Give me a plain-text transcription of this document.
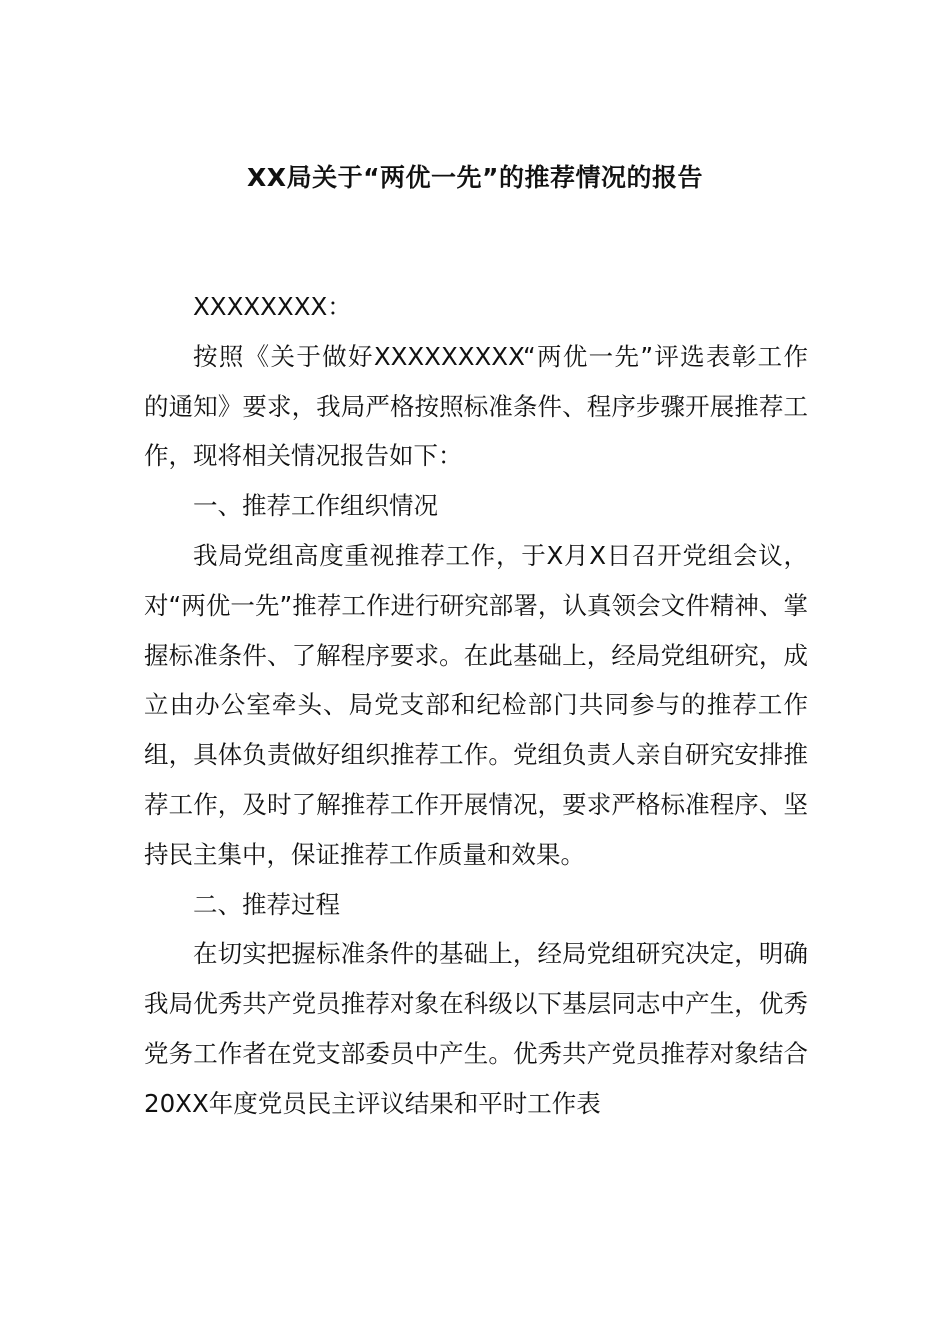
XX局关于“两优一先”的推荐情况的报告

XXXXXXXX：

按照《关于做好XXXXXXXXX“两优一先”评选表彰工作的通知》要求，我局严格按照标准条件、程序步骤开展推荐工作，现将相关情况报告如下：

一、推荐工作组织情况

我局党组高度重视推荐工作，于X月X日召开党组会议，对“两优一先”推荐工作进行研究部署，认真领会文件精神、掌握标准条件、了解程序要求。在此基础上，经局党组研究，成立由办公室牵头、局党支部和纪检部门共同参与的推荐工作组，具体负责做好组织推荐工作。党组负责人亲自研究安排推荐工作，及时了解推荐工作开展情况，要求严格标准程序、坚持民主集中，保证推荐工作质量和效果。

二、推荐过程

在切实把握标准条件的基础上，经局党组研究决定，明确我局优秀共产党员推荐对象在科级以下基层同志中产生，优秀党务工作者在党支部委员中产生。优秀共产党员推荐对象结合20XX年度党员民主评议结果和平时工作表
